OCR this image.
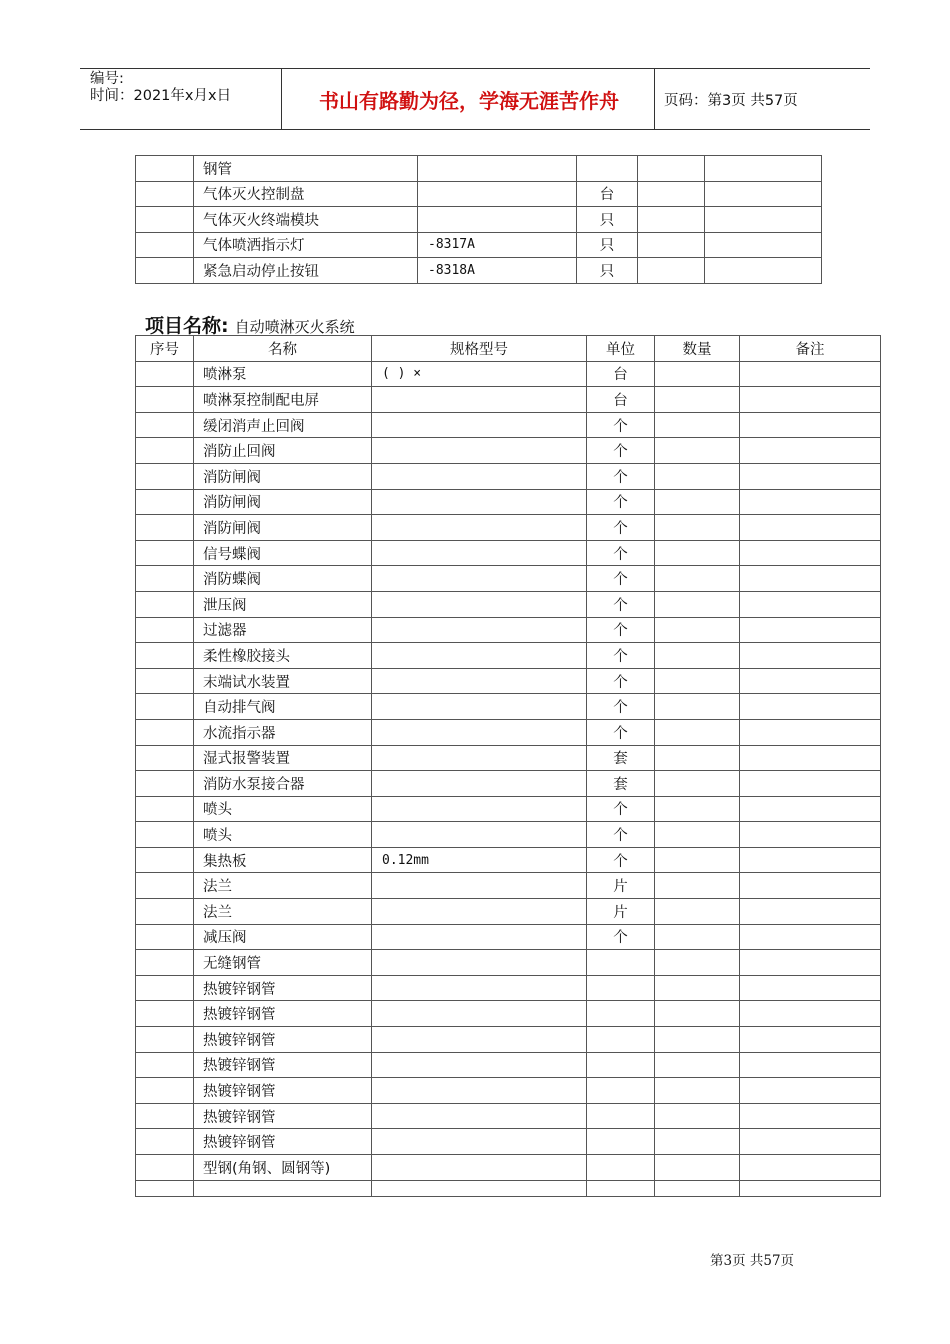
编号:
时间：2021年x月x日	书山有路勤为径，学海无涯苦作舟	页码：第3页 共57页
	钢管				
	气体灭火控制盘		台		
	气体灭火终端模块		只		
	气体喷洒指示灯	-8317A	只		
	紧急启动停止按钮	-8318A	只		
项目名称: 自动喷淋灭火系统
序号	名称	规格型号	单位	数量	备注
	喷淋泵	( ) ×	台		
	喷淋泵控制配电屏		台		
	缓闭消声止回阀		个		
	消防止回阀		个		
	消防闸阀		个		
	消防闸阀		个		
	消防闸阀		个		
	信号蝶阀		个		
	消防蝶阀		个		
	泄压阀		个		
	过滤器		个		
	柔性橡胶接头		个		
	末端试水装置		个		
	自动排气阀		个		
	水流指示器		个		
	湿式报警装置		套		
	消防水泵接合器		套		
	喷头		个		
	喷头		个		
	集热板	0.12mm	个		
	法兰		片		
	法兰		片		
	减压阀		个		
	无缝钢管				
	热镀锌钢管				
	热镀锌钢管				
	热镀锌钢管				
	热镀锌钢管				
	热镀锌钢管				
	热镀锌钢管				
	热镀锌钢管				
	型钢(角钢、圆钢等)				

第3页 共57页
